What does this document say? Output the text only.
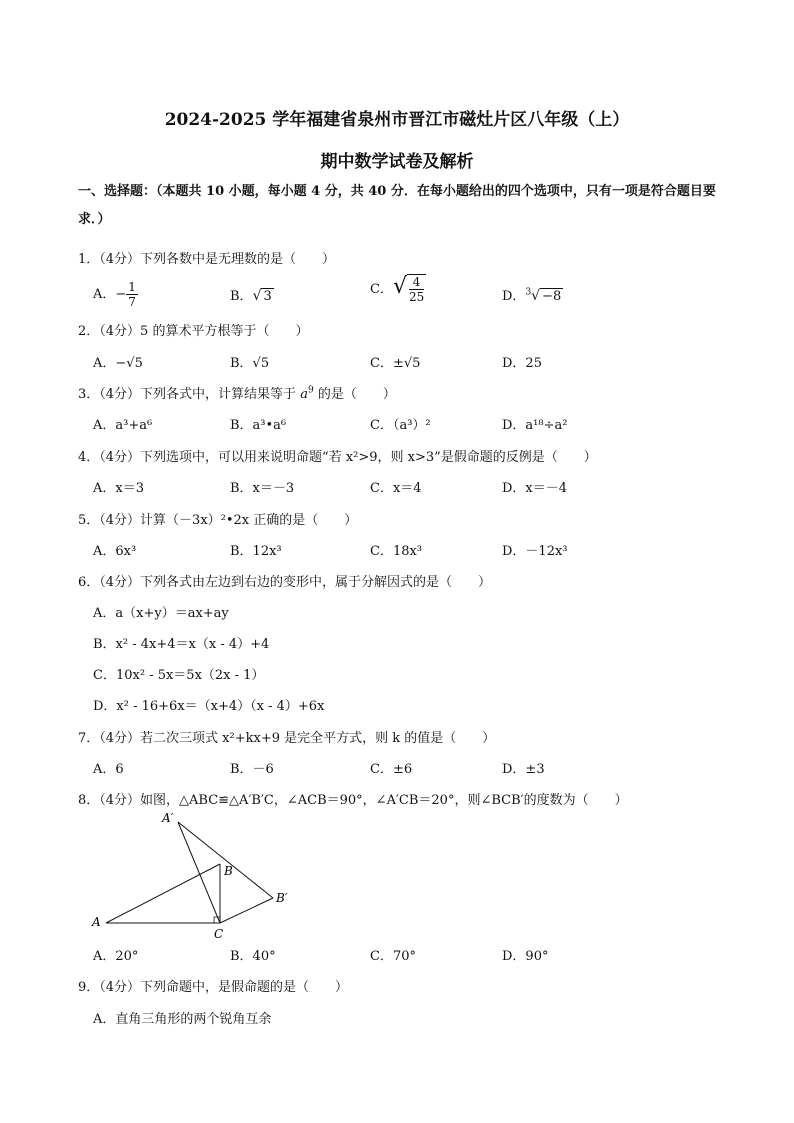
2024-2025 学年福建省泉州市晋江市磁灶片区八年级（上）
期中数学试卷及解析
一、选择题：（本题共 10 小题，每小题 4 分，共 40 分．在每小题给出的四个选项中，只有一项是符合题目要求．）
1．（4分）下列各数中是无理数的是（　　）
A．− $\frac{1}{7}$	B．√ 3	C．√ $\frac{4}{25}$	D．$^3$√ −8
2．（4分）5 的算术平方根等于（　　）
A．−√5	B．√5	C．±√5	D．25
3．（4分）下列各式中，计算结果等于 $a^9$ 的是（　　）
A．a³+a⁶	B．a³•a⁶	C．（a³）²	D．a¹⁸÷a²
4．（4分）下列选项中，可以用来说明命题“若 x²>9，则 x>3”是假命题的反例是（　　）
A．x＝3	B．x＝－3	C．x＝4	D．x＝－4
5．（4分）计算（－3x）²•2x 正确的是（　　）
A．6x³	B．12x³	C．18x³	D．－12x³
6．（4分）下列各式由左边到右边的变形中，属于分解因式的是（　　）
A．a（x+y）＝ax+ay
B．x² - 4x+4＝x（x - 4）+4
C．10x² - 5x＝5x（2x - 1）
D．x² - 16+6x＝（x+4）（x - 4）+6x
7．（4分）若二次三项式 x²+kx+9 是完全平方式，则 k 的值是（　　）
A．6	B．－6	C．±6	D．±3
8．（4分）如图，△ABC≌△A′B′C，∠ACB＝90°，∠A′CB＝20°，则∠BCB′的度数为（　　）
A′
A
B
C
B′
A．20°	B．40°	C．70°	D．90°
9．（4分）下列命题中，是假命题的是（　　）
A．直角三角形的两个锐角互余
